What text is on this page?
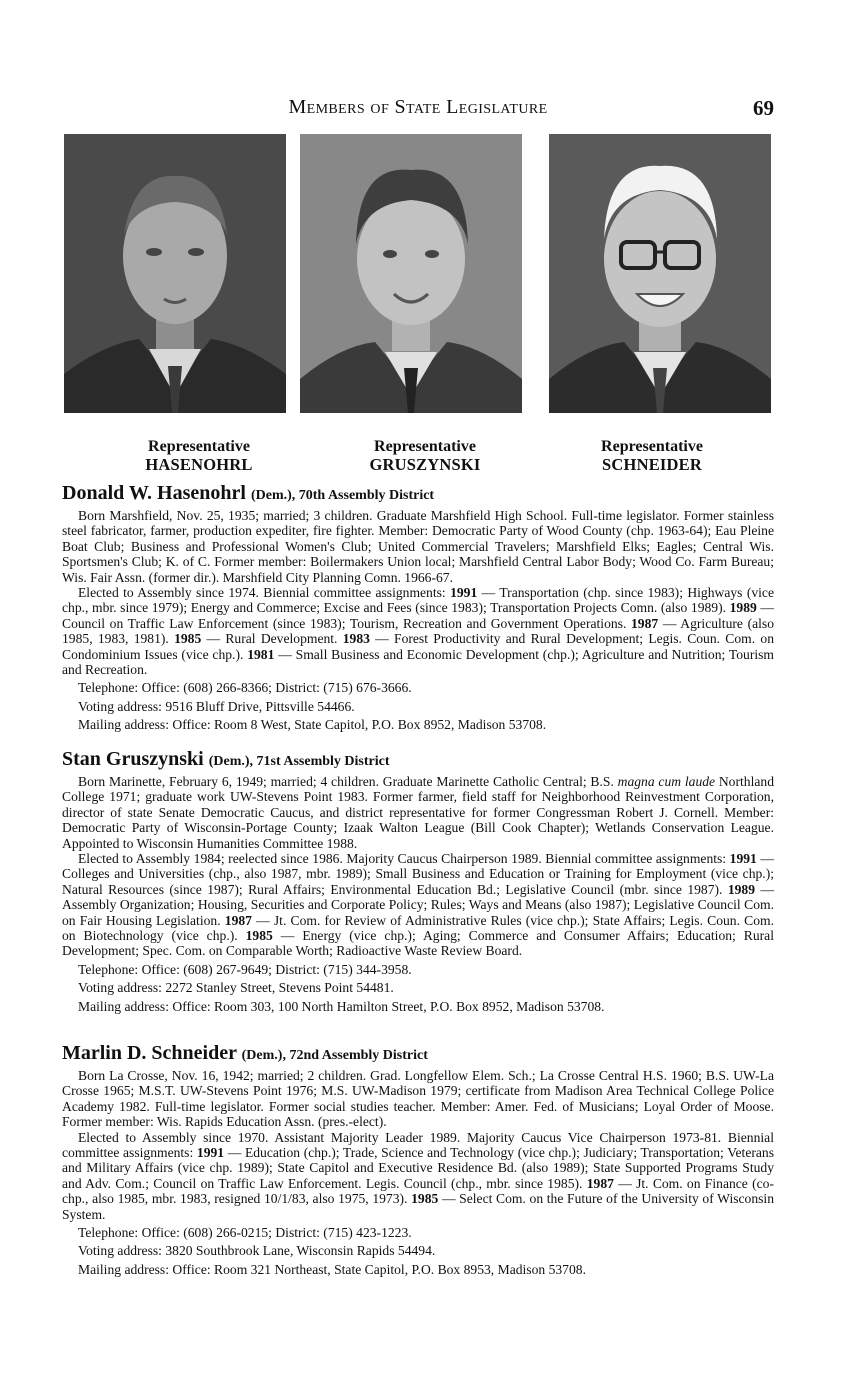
Members of State Legislature	69
Representative
HASENOHRL
Representative
GRUSZYNSKI
Representative
SCHNEIDER
Donald W. Hasenohrl (Dem.), 70th Assembly District

Born Marshfield, Nov. 25, 1935; married; 3 children. Graduate Marshfield High School. Full-time legislator. Former stainless steel fabricator, farmer, production expediter, fire fighter. Member: Democratic Party of Wood County (chp. 1963-64); Eau Pleine Boat Club; Business and Professional Women's Club; United Commercial Travelers; Marshfield Elks; Eagles; Central Wis. Sportsmen's Club; K. of C. Former member: Boilermakers Union local; Marshfield Central Labor Body; Wood Co. Farm Bureau; Wis. Fair Assn. (former dir.). Marshfield City Planning Comn. 1966-67.

Elected to Assembly since 1974. Biennial committee assignments: 1991 — Transportation (chp. since 1983); Highways (vice chp., mbr. since 1979); Energy and Commerce; Excise and Fees (since 1983); Transportation Projects Comn. (also 1989). 1989 — Council on Traffic Law Enforcement (since 1983); Tourism, Recreation and Government Operations. 1987 — Agriculture (also 1985, 1983, 1981). 1985 — Rural Development. 1983 — Forest Productivity and Rural Development; Legis. Coun. Com. on Condominium Issues (vice chp.). 1981 — Small Business and Economic Development (chp.); Agriculture and Nutrition; Tourism and Recreation.

Telephone: Office: (608) 266-8366; District: (715) 676-3666.

Voting address: 9516 Bluff Drive, Pittsville 54466.

Mailing address: Office: Room 8 West, State Capitol, P.O. Box 8952, Madison 53708.

Stan Gruszynski (Dem.), 71st Assembly District

Born Marinette, February 6, 1949; married; 4 children. Graduate Marinette Catholic Central; B.S. magna cum laude Northland College 1971; graduate work UW-Stevens Point 1983. Former farmer, field staff for Neighborhood Reinvestment Corporation, director of state Senate Democratic Caucus, and district representative for former Congressman Robert J. Cornell. Member: Democratic Party of Wisconsin-Portage County; Izaak Walton League (Bill Cook Chapter); Wetlands Conservation League. Appointed to Wisconsin Humanities Committee 1988.

Elected to Assembly 1984; reelected since 1986. Majority Caucus Chairperson 1989. Biennial committee assignments: 1991 — Colleges and Universities (chp., also 1987, mbr. 1989); Small Business and Education or Training for Employment (vice chp.); Natural Resources (since 1987); Rural Affairs; Environmental Education Bd.; Legislative Council (mbr. since 1987). 1989 — Assembly Organization; Housing, Securities and Corporate Policy; Rules; Ways and Means (also 1987); Legislative Council Com. on Fair Housing Legislation. 1987 — Jt. Com. for Review of Administrative Rules (vice chp.); State Affairs; Legis. Coun. Com. on Biotechnology (vice chp.). 1985 — Energy (vice chp.); Aging; Commerce and Consumer Affairs; Education; Rural Development; Spec. Com. on Comparable Worth; Radioactive Waste Review Board.

Telephone: Office: (608) 267-9649; District: (715) 344-3958.

Voting address: 2272 Stanley Street, Stevens Point 54481.

Mailing address: Office: Room 303, 100 North Hamilton Street, P.O. Box 8952, Madison 53708.

Marlin D. Schneider (Dem.), 72nd Assembly District

Born La Crosse, Nov. 16, 1942; married; 2 children. Grad. Longfellow Elem. Sch.; La Crosse Central H.S. 1960; B.S. UW-La Crosse 1965; M.S.T. UW-Stevens Point 1976; M.S. UW-Madison 1979; certificate from Madison Area Technical College Police Academy 1982. Full-time legislator. Former social studies teacher. Member: Amer. Fed. of Musicians; Loyal Order of Moose. Former member: Wis. Rapids Education Assn. (pres.-elect).

Elected to Assembly since 1970. Assistant Majority Leader 1989. Majority Caucus Vice Chairperson 1973-81. Biennial committee assignments: 1991 — Education (chp.); Trade, Science and Technology (vice chp.); Judiciary; Transportation; Veterans and Military Affairs (vice chp. 1989); State Capitol and Executive Residence Bd. (also 1989); State Supported Programs Study and Adv. Com.; Council on Traffic Law Enforcement. Legis. Council (chp., mbr. since 1985). 1987 — Jt. Com. on Finance (co-chp., also 1985, mbr. 1983, resigned 10/1/83, also 1975, 1973). 1985 — Select Com. on the Future of the University of Wisconsin System.

Telephone: Office: (608) 266-0215; District: (715) 423-1223.

Voting address: 3820 Southbrook Lane, Wisconsin Rapids 54494.

Mailing address: Office: Room 321 Northeast, State Capitol, P.O. Box 8953, Madison 53708.
